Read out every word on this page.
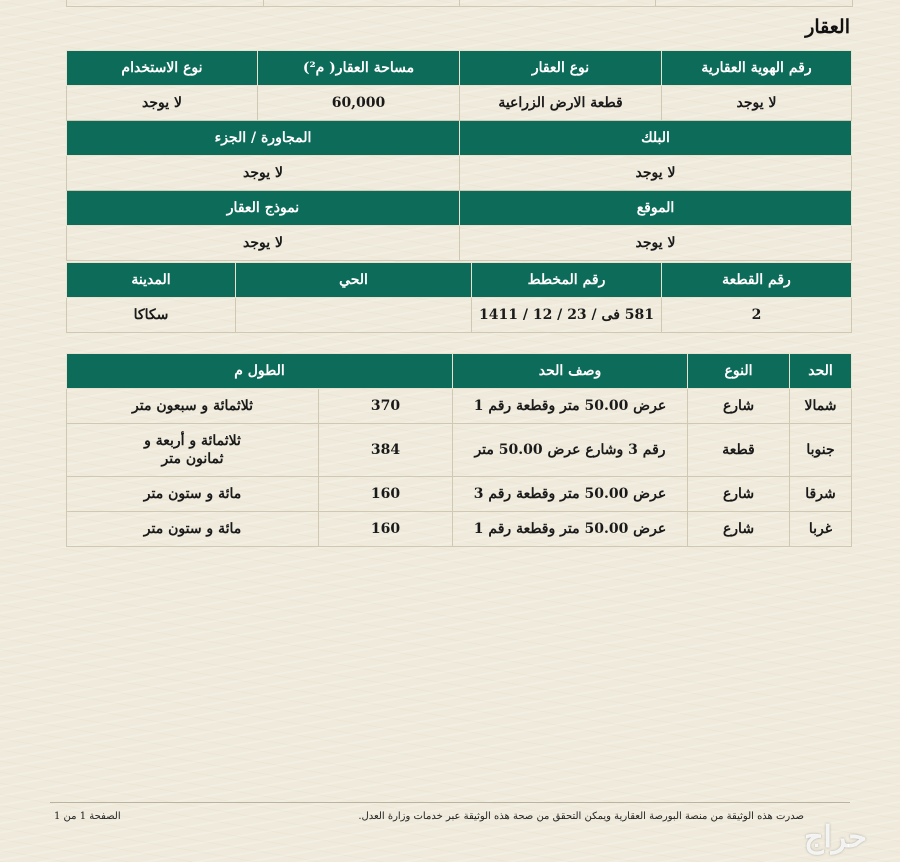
العقار
رقم الهوية العقارية	نوع العقار	مساحة العقار( م²)	نوع الاستخدام
لا يوجد	قطعة الارض الزراعية	60,000	لا يوجد
البلك		المجاورة / الجزء	
لا يوجد		لا يوجد	
الموقع		نموذج العقار	
لا يوجد		لا يوجد	
رقم القطعة	رقم المخطط	الحي	المدينة
2	581 فى / 23 / 12 / 1411		سكاكا
الحد	النوع	وصف الحد	الطول م	
شمالا	شارع	عرض 50.00 متر وقطعة رقم 1	370	ثلاثمائة و سبعون متر
جنوبا	قطعة	رقم 3 وشارع عرض 50.00 متر	384	ثلاثمائة و أربعة و ثمانون متر
شرقا	شارع	عرض 50.00 متر وقطعة رقم 3	160	مائة و ستون متر
غربا	شارع	عرض 50.00 متر وقطعة رقم 1	160	مائة و ستون متر
صدرت هذه الوثيقة من منصة البورصة العقارية ويمكن التحقق من صحة هذه الوثيقة عبر خدمات وزارة العدل.
الصفحة 1 من 1
حراج
